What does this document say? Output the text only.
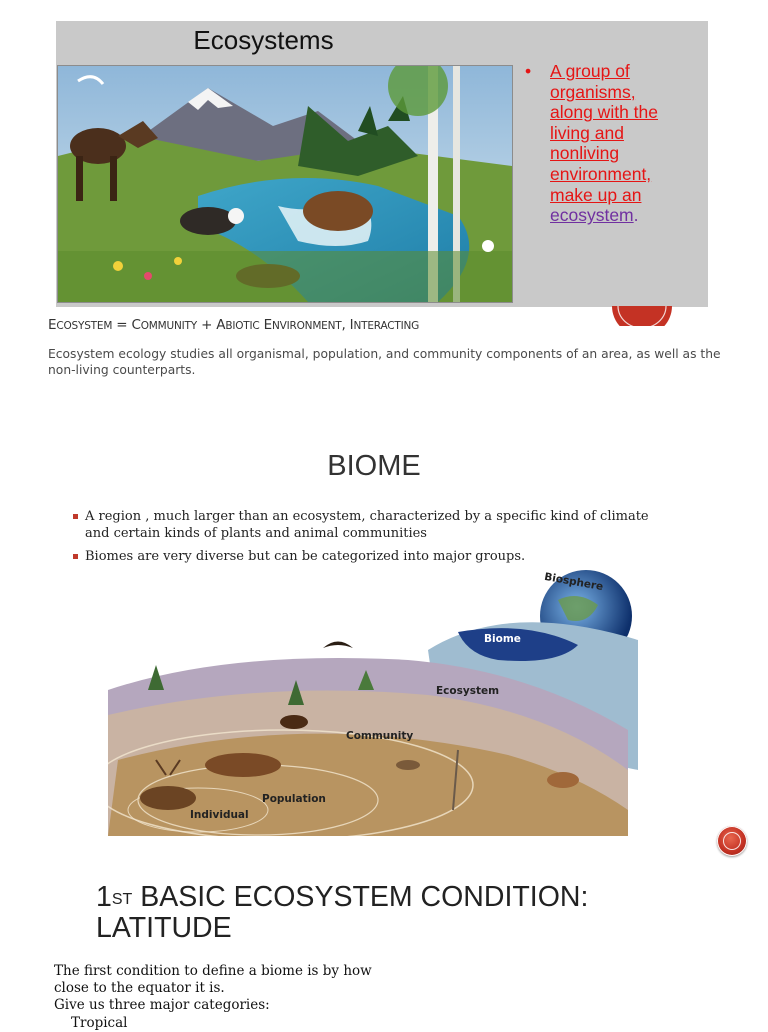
Ecosystems
• A group of
organisms,
along with the
living and
nonliving
environment,
make up an
ecosystem.
ECOSYSTEM = COMMUNITY + ABIOTIC ENVIRONMENT, INTERACTING
Ecosystem ecology studies all organismal, population, and community components of an area, as well as the non-living counterparts.
BIOME
A region , much larger than an ecosystem, characterized by a specific kind of climate and certain kinds of plants and animal communities
Biomes are very diverse but can be categorized into major groups.
Biosphere
Biome
Ecosystem
Community
Population
Individual
1ST BASIC ECOSYSTEM CONDITION:
LATITUDE
The first condition to define a biome is by how
close to the equator it is.
Give us three major categories:
Tropical
